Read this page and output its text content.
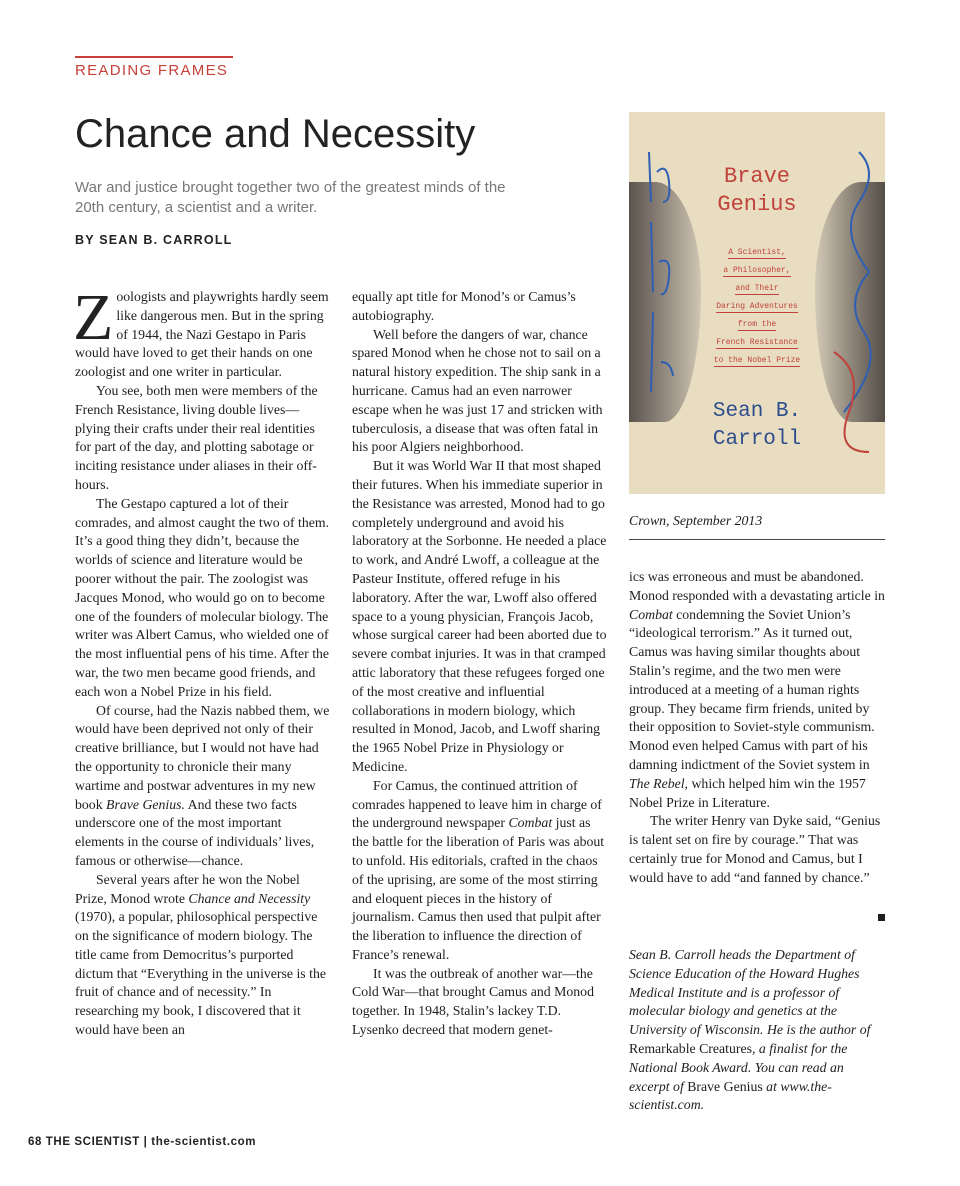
READING FRAMES
Chance and Necessity

War and justice brought together two of the greatest minds of the 20th century, a scientist and a writer.

BY SEAN B. CARROLL

Zoologists and playwrights hardly seem like dangerous men. But in the spring of 1944, the Nazi Gestapo in Paris would have loved to get their hands on one zoologist and one writer in particular.

You see, both men were members of the French Resistance, living double lives—plying their crafts under their real identities for part of the day, and plotting sabotage or inciting resistance under aliases in their off-hours.

The Gestapo captured a lot of their comrades, and almost caught the two of them. It’s a good thing they didn’t, because the worlds of science and literature would be poorer without the pair. The zoologist was Jacques Monod, who would go on to become one of the founders of molecular biology. The writer was Albert Camus, who wielded one of the most influential pens of his time. After the war, the two men became good friends, and each won a Nobel Prize in his field.

Of course, had the Nazis nabbed them, we would have been deprived not only of their creative brilliance, but I would not have had the opportunity to chronicle their many wartime and postwar adventures in my new book Brave Genius. And these two facts underscore one of the most important elements in the course of individuals’ lives, famous or otherwise—chance.

Several years after he won the Nobel Prize, Monod wrote Chance and Necessity (1970), a popular, philosophical perspective on the significance of modern biology. The title came from Democritus’s purported dictum that “Everything in the universe is the fruit of chance and of necessity.” In researching my book, I discovered that it would have been an

equally apt title for Monod’s or Camus’s autobiography.

Well before the dangers of war, chance spared Monod when he chose not to sail on a natural history expedition. The ship sank in a hurricane. Camus had an even narrower escape when he was just 17 and stricken with tuberculosis, a disease that was often fatal in his poor Algiers neighborhood.

But it was World War II that most shaped their futures. When his immediate superior in the Resistance was arrested, Monod had to go completely underground and avoid his laboratory at the Sorbonne. He needed a place to work, and André Lwoff, a colleague at the Pasteur Institute, offered refuge in his laboratory. After the war, Lwoff also offered space to a young physician, François Jacob, whose surgical career had been aborted due to severe combat injuries. It was in that cramped attic laboratory that these refugees forged one of the most creative and influential collaborations in modern biology, which resulted in Monod, Jacob, and Lwoff sharing the 1965 Nobel Prize in Physiology or Medicine.

For Camus, the continued attrition of comrades happened to leave him in charge of the underground newspaper Combat just as the battle for the liberation of Paris was about to unfold. His editorials, crafted in the chaos of the uprising, are some of the most stirring and eloquent pieces in the history of journalism. Camus then used that pulpit after the liberation to influence the direction of France’s renewal.

It was the outbreak of another war—the Cold War—that brought Camus and Monod together. In 1948, Stalin’s lackey T.D. Lysenko decreed that modern genet-

Brave
Genius
A Scientist,
a Philosopher,
and Their
Daring Adventures
from the
French Resistance
to the Nobel Prize
Sean B.
Carroll
Crown, September 2013

ics was erroneous and must be abandoned. Monod responded with a devastating article in Combat condemning the Soviet Union’s “ideological terrorism.” As it turned out, Camus was having similar thoughts about Stalin’s regime, and the two men were introduced at a meeting of a human rights group. They became firm friends, united by their opposition to Soviet-style communism. Monod even helped Camus with part of his damning indictment of the Soviet system in The Rebel, which helped him win the 1957 Nobel Prize in Literature.

The writer Henry van Dyke said, “Genius is talent set on fire by courage.” That was certainly true for Monod and Camus, but I would have to add “and fanned by chance.”

Sean B. Carroll heads the Department of Science Education of the Howard Hughes Medical Institute and is a professor of molecular biology and genetics at the University of Wisconsin. He is the author of Remarkable Creatures, a finalist for the National Book Award. You can read an excerpt of Brave Genius at www.the-scientist.com.
68 THE SCIENTIST | the-scientist.com
